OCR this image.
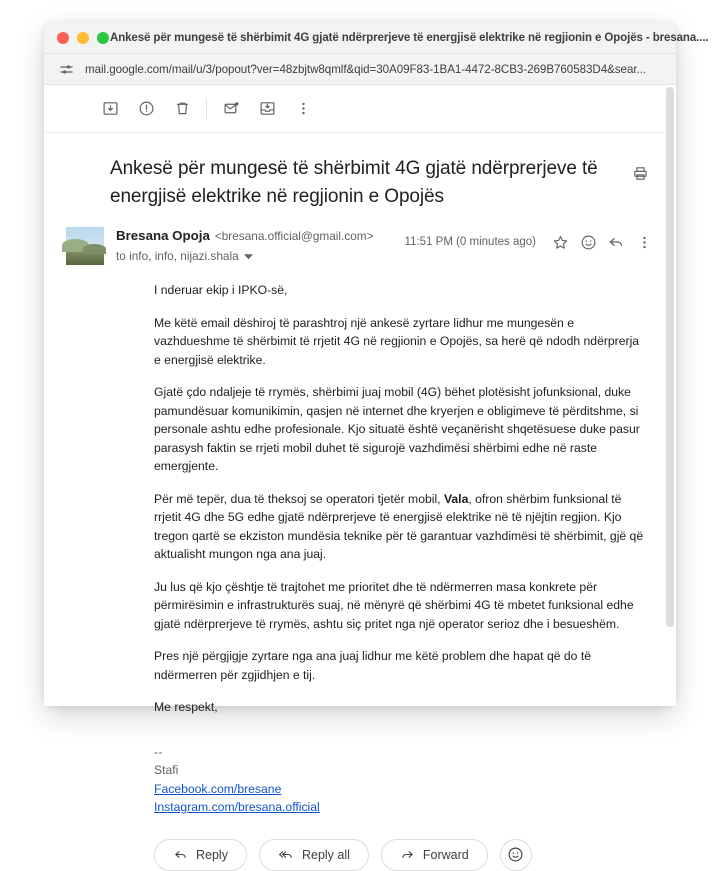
Ankesë për mungesë të shërbimit 4G gjatë ndërprerjeve të energjisë elektrike në regjionin e Opojës - bresana....
mail.google.com/mail/u/3/popout?ver=48zbjtw8qmlf&qid=30A09F83-1BA1-4472-8CB3-269B760583D4&sear...
Ankesë për mungesë të shërbimit 4G gjatë ndërprerjeve të energjisë elektrike në regjionin e Opojës
Bresana Opoja <bresana.official@gmail.com>
to info, info, nijazi.shala
11:51 PM (0 minutes ago)

I nderuar ekip i IPKO-së,

Me këtë email dëshiroj të parashtroj një ankesë zyrtare lidhur me mungesën e vazhdueshme të shërbimit të rrjetit 4G në regjionin e Opojës, sa herë që ndodh ndërprerja e energjisë elektrike.

Gjatë çdo ndaljeje të rrymës, shërbimi juaj mobil (4G) bëhet plotësisht jofunksional, duke pamundësuar komunikimin, qasjen në internet dhe kryerjen e obligimeve të përditshme, si personale ashtu edhe profesionale. Kjo situatë është veçanërisht shqetësuese duke pasur parasysh faktin se rrjeti mobil duhet të sigurojë vazhdimësi shërbimi edhe në raste emergjente.

Për më tepër, dua të theksoj se operatori tjetër mobil, Vala, ofron shërbim funksional të rrjetit 4G dhe 5G edhe gjatë ndërprerjeve të energjisë elektrike në të njëjtin regjion. Kjo tregon qartë se ekziston mundësia teknike për të garantuar vazhdimësi të shërbimit, gjë që aktualisht mungon nga ana juaj.

Ju lus që kjo çështje të trajtohet me prioritet dhe të ndërmerren masa konkrete për përmirësimin e infrastrukturës suaj, në mënyrë që shërbimi 4G të mbetet funksional edhe gjatë ndërprerjeve të rrymës, ashtu siç pritet nga një operator serioz dhe i besueshëm.

Pres një përgjigje zyrtare nga ana juaj lidhur me këtë problem dhe hapat që do të ndërmerren për zgjidhjen e tij.

Me respekt,

--
Stafi
Facebook.com/bresane
Instagram.com/bresana.official
Reply	Reply all	Forward
